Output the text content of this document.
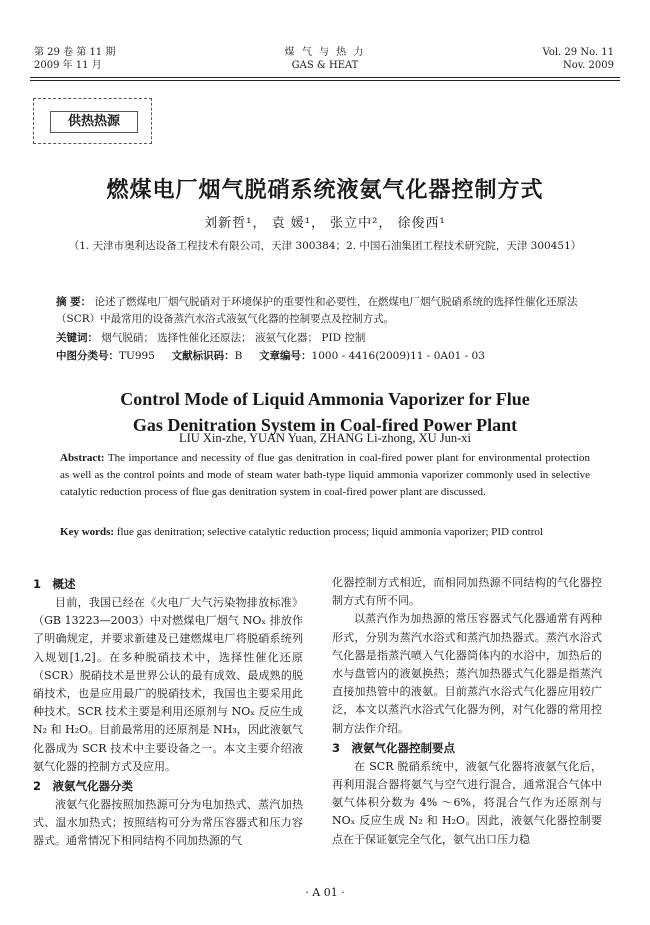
第 29 卷 第 11 期
2009 年 11 月
煤 气 与 热 力
GAS & HEAT
Vol. 29 No. 11
Nov. 2009
供热热源
燃煤电厂烟气脱硝系统液氨气化器控制方式
刘新哲¹， 袁 媛¹， 张立中²， 徐俊西¹
（1. 天津市奥利达设备工程技术有限公司，天津 300384；2. 中国石油集团工程技术研究院，天津 300451）
摘 要： 论述了燃煤电厂烟气脱硝对于环境保护的重要性和必要性，在燃煤电厂烟气脱硝系统的选择性催化还原法（SCR）中最常用的设备蒸汽水浴式液氨气化器的控制要点及控制方式。
关键词： 烟气脱硝； 选择性催化还原法； 液氨气化器； PID 控制
中图分类号：TU995 文献标识码：B 文章编号：1000 - 4416(2009)11 - 0A01 - 03
Control Mode of Liquid Ammonia Vaporizer for Flue Gas Denitration System in Coal-fired Power Plant
LIU Xin-zhe, YUAN Yuan, ZHANG Li-zhong, XU Jun-xi
Abstract: The importance and necessity of flue gas denitration in coal-fired power plant for environmental protection as well as the control points and mode of steam water bath-type liquid ammonia vaporizer commonly used in selective catalytic reduction process of flue gas denitration system in coal-fired power plant are discussed.
Key words: flue gas denitration; selective catalytic reduction process; liquid ammonia vaporizer; PID control
1　概述

目前，我国已经在《火电厂大气污染物排放标准》（GB 13223—2003）中对燃煤电厂烟气 NOₓ 排放作了明确规定，并要求新建及已建燃煤电厂将脱硝系统列入规划[1,2]。在多种脱硝技术中，选择性催化还原（SCR）脱硝技术是世界公认的最有成效、最成熟的脱硝技术，也是应用最广的脱硝技术，我国也主要采用此种技术。SCR 技术主要是利用还原剂与 NOₓ 反应生成 N₂ 和 H₂O。目前最常用的还原剂是 NH₃，因此液氨气化器成为 SCR 技术中主要设备之一。本文主要介绍液氨气化器的控制方式及应用。

2　液氨气化器分类

液氨气化器按照加热源可分为电加热式、蒸汽加热式、温水加热式；按照结构可分为常压容器式和压力容器式。通常情况下相同结构不同加热源的气

化器控制方式相近，而相同加热源不同结构的气化器控制方式有所不同。

以蒸汽作为加热源的常压容器式气化器通常有两种形式，分别为蒸汽水浴式和蒸汽加热器式。蒸汽水浴式气化器是指蒸汽喷入气化器筒体内的水浴中，加热后的水与盘管内的液氨换热；蒸汽加热器式气化器是指蒸汽直接加热管中的液氨。目前蒸汽水浴式气化器应用较广泛，本文以蒸汽水浴式气化器为例，对气化器的常用控制方法作介绍。

3　液氨气化器控制要点

在 SCR 脱硝系统中，液氨气化器将液氨气化后，再利用混合器将氨气与空气进行混合，通常混合气体中氨气体积分数为 4% ～6%，将混合气作为还原剂与 NOₓ 反应生成 N₂ 和 H₂O。因此，液氨气化器控制要点在于保证氨完全气化，氨气出口压力稳

· A 01 ·
